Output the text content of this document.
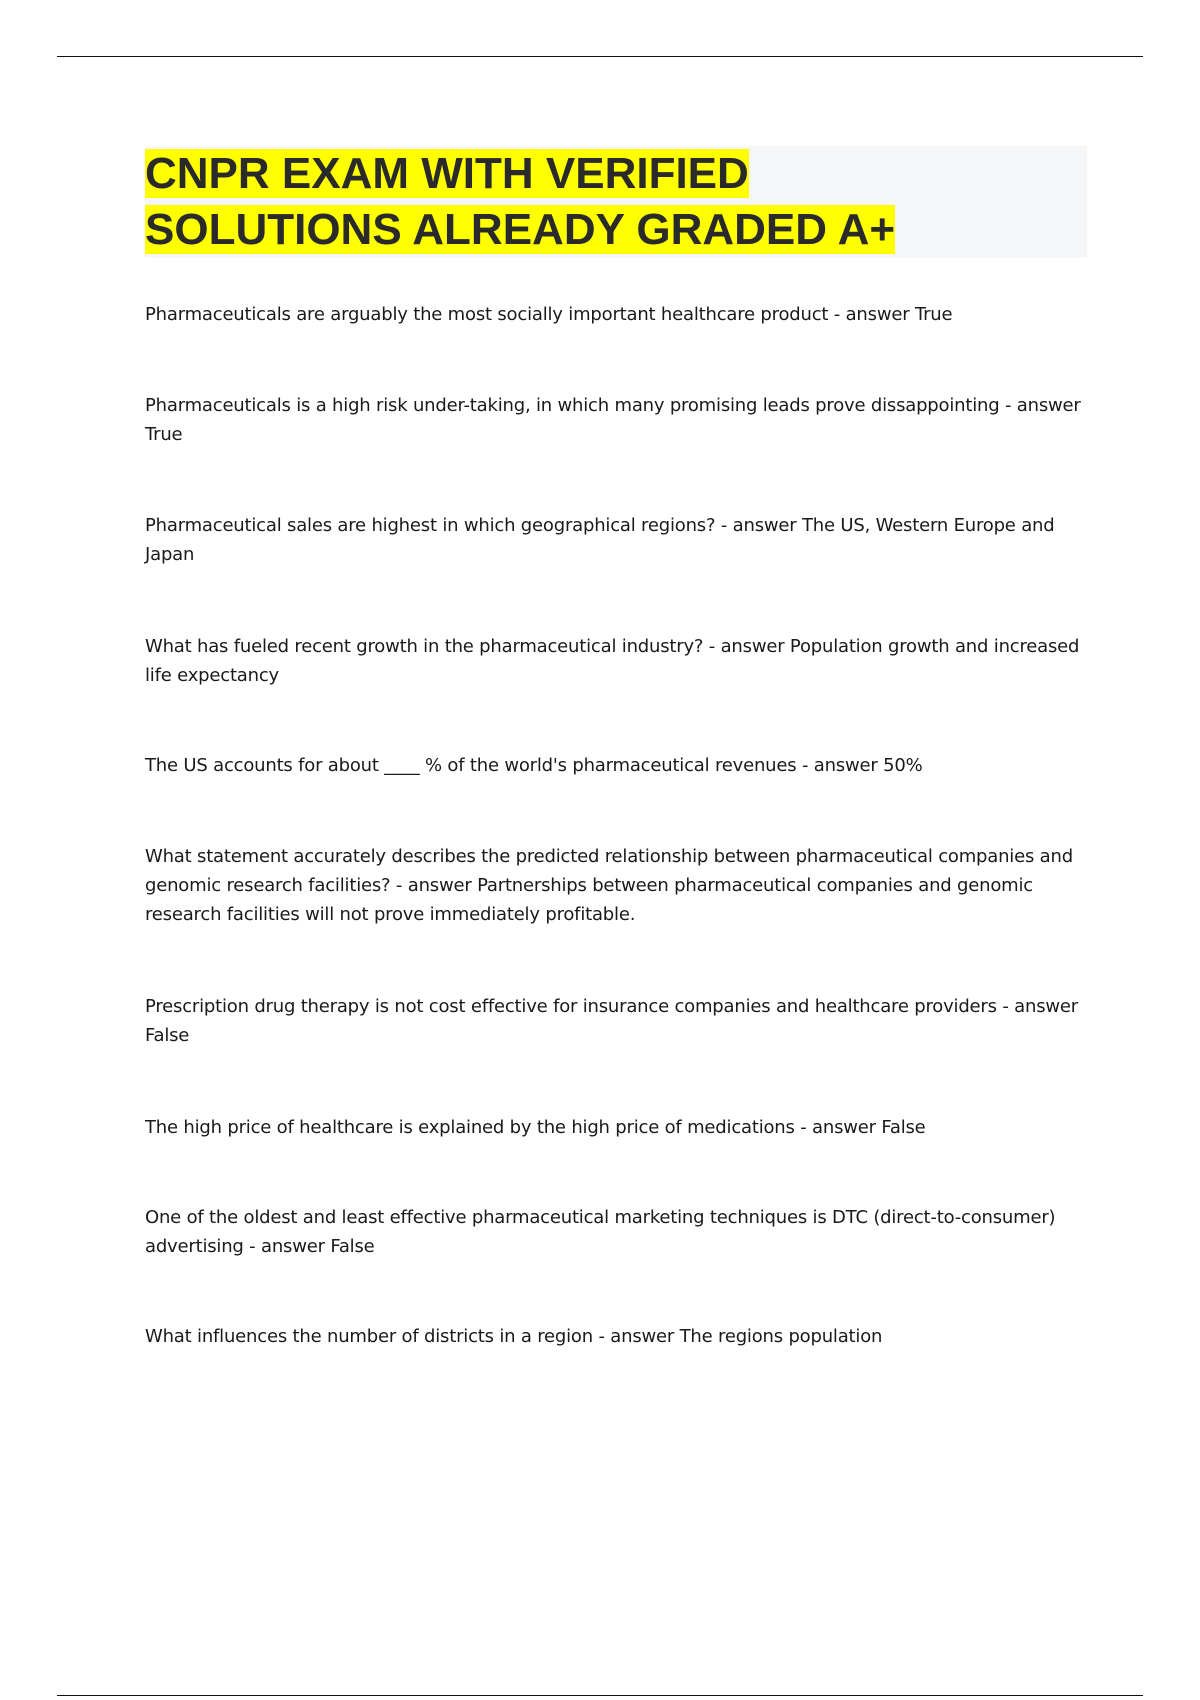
CNPR EXAM WITH VERIFIED
SOLUTIONS ALREADY GRADED A+
Pharmaceuticals are arguably the most socially important healthcare product - answer True
Pharmaceuticals is a high risk under-taking, in which many promising leads prove dissappointing - answer True
Pharmaceutical sales are highest in which geographical regions? - answer The US, Western Europe and Japan
What has fueled recent growth in the pharmaceutical industry? - answer Population growth and increased life expectancy
The US accounts for about ____ % of the world's pharmaceutical revenues - answer 50%
What statement accurately describes the predicted relationship between pharmaceutical companies and genomic research facilities? - answer Partnerships between pharmaceutical companies and genomic research facilities will not prove immediately profitable.
Prescription drug therapy is not cost effective for insurance companies and healthcare providers - answer False
The high price of healthcare is explained by the high price of medications - answer False
One of the oldest and least effective pharmaceutical marketing techniques is DTC (direct-to-consumer) advertising - answer False
What influences the number of districts in a region - answer The regions population
